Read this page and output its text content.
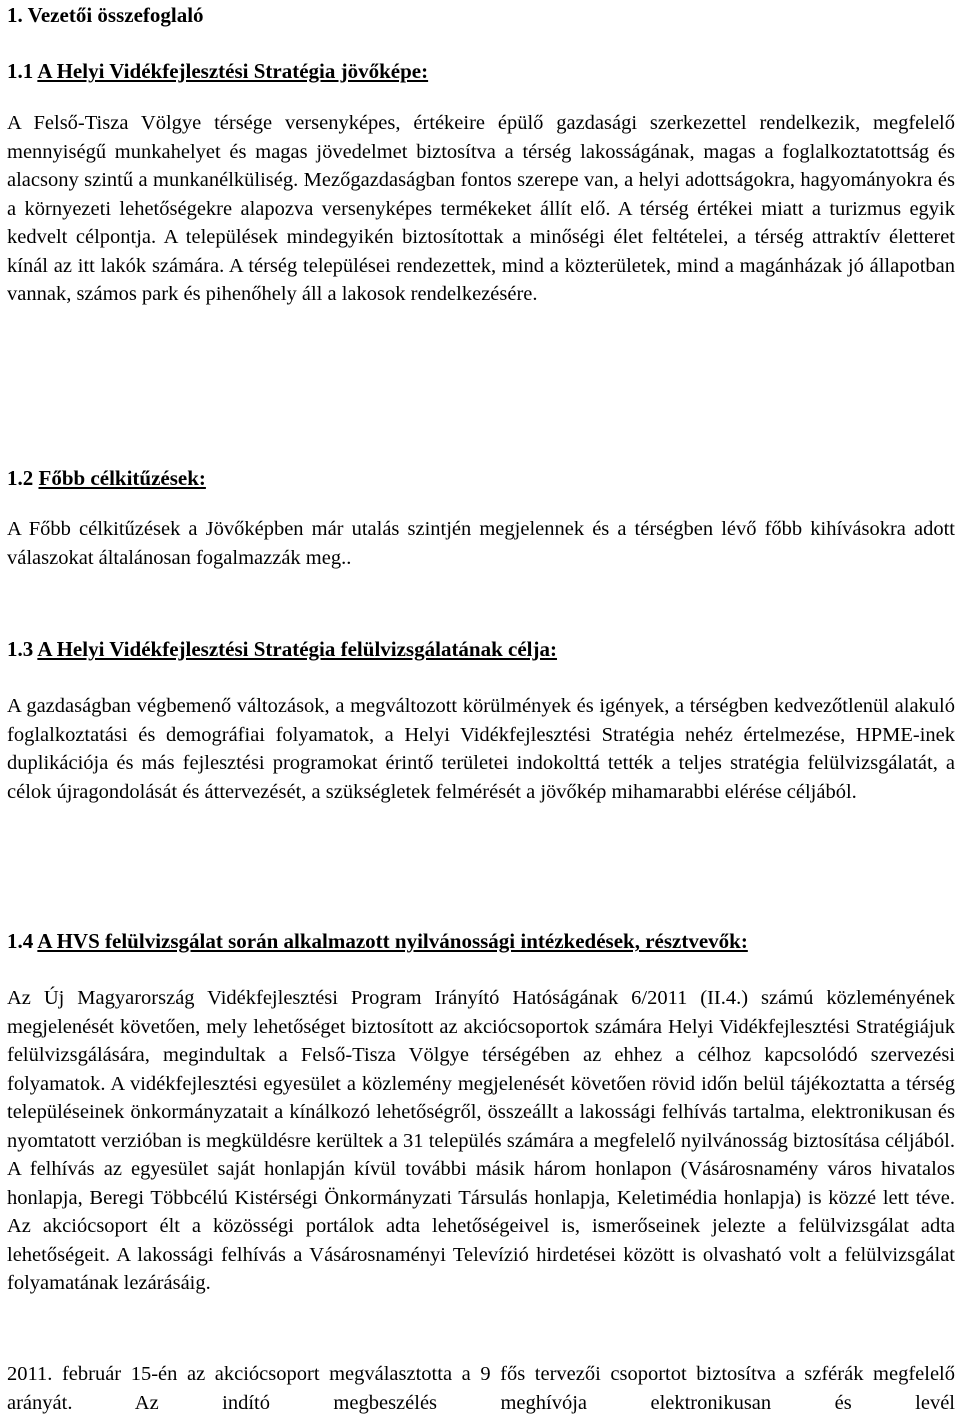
1. Vezetői összefoglaló

1.1 A Helyi Vidékfejlesztési Stratégia jövőképe:

A Felső-Tisza Völgye térsége versenyképes, értékeire épülő gazdasági szerkezettel rendelkezik, megfelelő mennyiségű munkahelyet és magas jövedelmet biztosítva a térség lakosságának, magas a foglalkoztatottság és alacsony szintű a munkanélküliség. Mezőgazdaságban fontos szerepe van, a helyi adottságokra, hagyományokra és a környezeti lehetőségekre alapozva versenyképes termékeket állít elő. A térség értékei miatt a turizmus egyik kedvelt célpontja. A települések mindegyikén biztosítottak a minőségi élet feltételei, a térség attraktív életteret kínál az itt lakók számára. A térség települései rendezettek, mind a közterületek, mind a magánházak jó állapotban vannak, számos park és pihenőhely áll a lakosok rendelkezésére.

1.2 Főbb célkitűzések:

A Főbb célkitűzések a Jövőképben már utalás szintjén megjelennek és a térségben lévő főbb kihívásokra adott válaszokat általánosan fogalmazzák meg..

1.3 A Helyi Vidékfejlesztési Stratégia felülvizsgálatának célja:

A gazdaságban végbemenő változások, a megváltozott körülmények és igények, a térségben kedvezőtlenül alakuló foglalkoztatási és demográfiai folyamatok, a Helyi Vidékfejlesztési Stratégia nehéz értelmezése, HPME-inek duplikációja és más fejlesztési programokat érintő területei indokolttá tették a teljes stratégia felülvizsgálatát, a célok újragondolását és áttervezését, a szükségletek felmérését a jövőkép mihamarabbi elérése céljából.

1.4 A HVS felülvizsgálat során alkalmazott nyilvánossági intézkedések, résztvevők:

Az Új Magyarország Vidékfejlesztési Program Irányító Hatóságának 6/2011 (II.4.) számú közleményének megjelenését követően, mely lehetőséget biztosított az akciócsoportok számára Helyi Vidékfejlesztési Stratégiájuk felülvizsgálására, megindultak a Felső-Tisza Völgye térségében az ehhez a célhoz kapcsolódó szervezési folyamatok. A vidékfejlesztési egyesület a közlemény megjelenését követően rövid időn belül tájékoztatta a térség településeinek önkormányzatait a kínálkozó lehetőségről, összeállt a lakossági felhívás tartalma, elektronikusan és nyomtatott verzióban is megküldésre kerültek a 31 település számára a megfelelő nyilvánosság biztosítása céljából. A felhívás az egyesület saját honlapján kívül további másik három honlapon (Vásárosnamény város hivatalos honlapja, Beregi Többcélú Kistérségi Önkormányzati Társulás honlapja, Keletimédia honlapja) is közzé lett téve. Az akciócsoport élt a közösségi portálok adta lehetőségeivel is, ismerőseinek jelezte a felülvizsgálat adta lehetőségeit. A lakossági felhívás a Vásárosnaményi Televízió hirdetései között is olvasható volt a felülvizsgálat folyamatának lezárásáig.

2011. február 15-én az akciócsoport megválasztotta a 9 fős tervezői csoportot biztosítva a szférák megfelelő arányát. Az indító megbeszélés meghívója elektronikusan és levél
